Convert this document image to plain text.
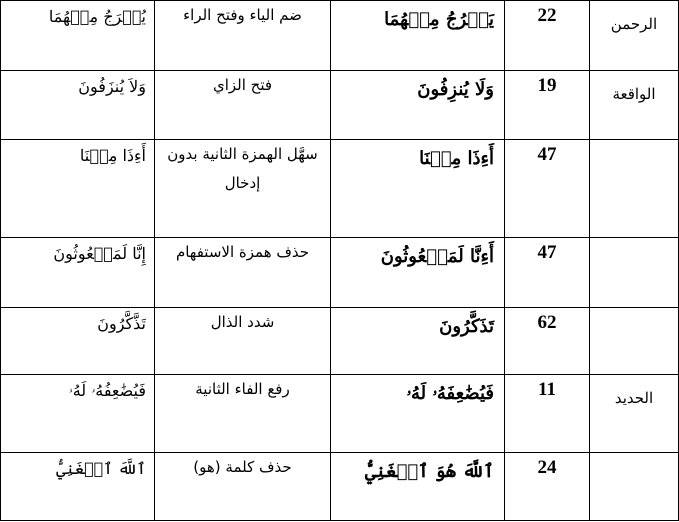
الرحمن	22	يَخۡرُجُ مِنۡهُمَا	ضم الياء وفتح الراء	يُخۡرَجُ مِنۡهُمَا
الواقعة	19	وَلَا يُنزِفُونَ	فتح الزاي	وَلاَ يُنزَفُونَ
	47	أَءِذَا مِتۡنَا	سهَّل الهمزة الثانية بدون إدخال	أَءِذَا مِتۡنَا
	47	أَءِنَّا لَمَبۡعُوثُونَ	حذف همزة الاستفهام	إِنَّا لَمَبۡعُوثُونَ
	62	تَذَكَّرُونَ	شدد الذال	تَذَّكَّرُونَ
الحديد	11	فَيُضَٰعِفَهُۥ لَهُۥ	رفع الفاء الثانية	فَيُضَٰعِفُهُۥ لَهُۥ
	24	ٱللَّهَ هُوَ ٱلۡغَنِيُّ	حذف كلمة (هو)	ٱللَّهَ ٱلۡغَنِيُّ
